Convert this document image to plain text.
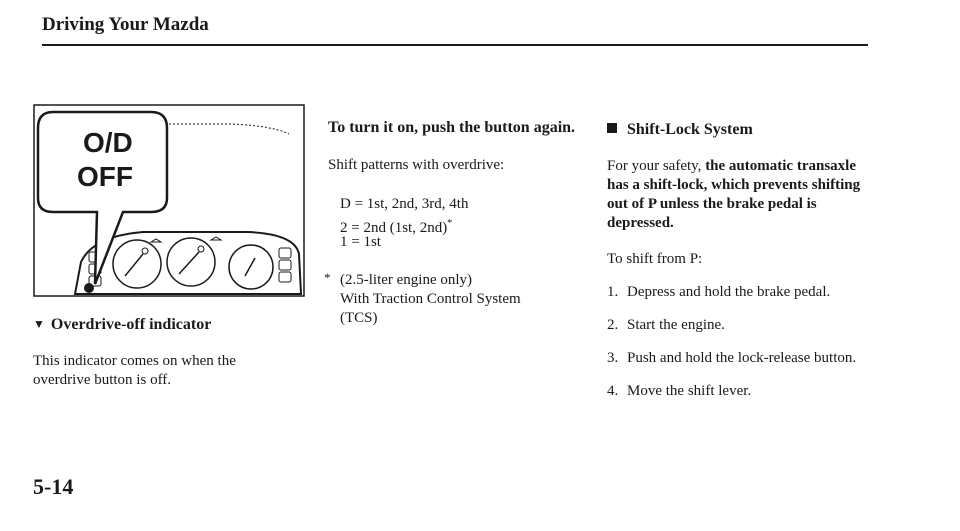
Driving Your Mazda
O/D
OFF
▼ Overdrive-off indicator
This indicator comes on when the overdrive button is off.
To turn it on, push the button again.
Shift patterns with overdrive:
D = 1st, 2nd, 3rd, 4th
2 = 2nd (1st, 2nd)*
1 = 1st
* (2.5-liter engine only)
With Traction Control System
(TCS)
Shift-Lock System
For your safety, the automatic transaxle has a shift-lock, which prevents shifting out of P unless the brake pedal is depressed.
To shift from P:
1. Depress and hold the brake pedal.
2. Start the engine.
3. Push and hold the lock-release button.
4. Move the shift lever.
5-14
